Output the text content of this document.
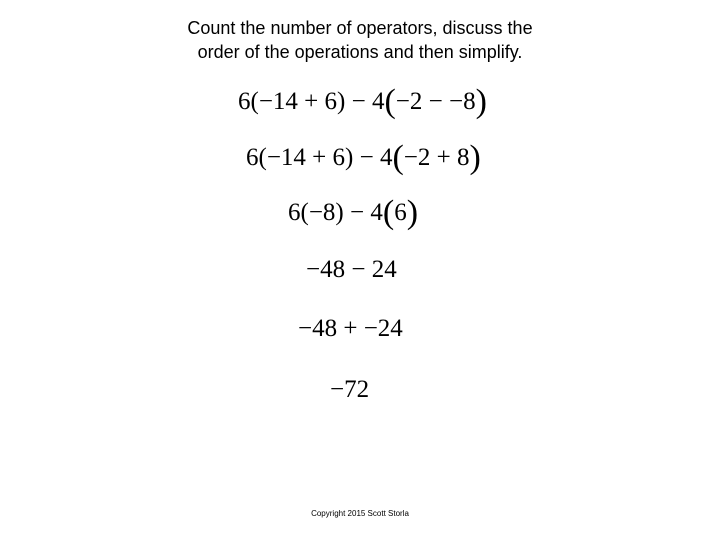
Count the number of operators, discuss the
order of the operations and then simplify.
6(−14 + 6) − 4(−2 − −8)
6(−14 + 6) − 4(−2 + 8)
6(−8) − 4(6)
−48 − 24
−48 + −24
−72
Copyright 2015 Scott Storla
